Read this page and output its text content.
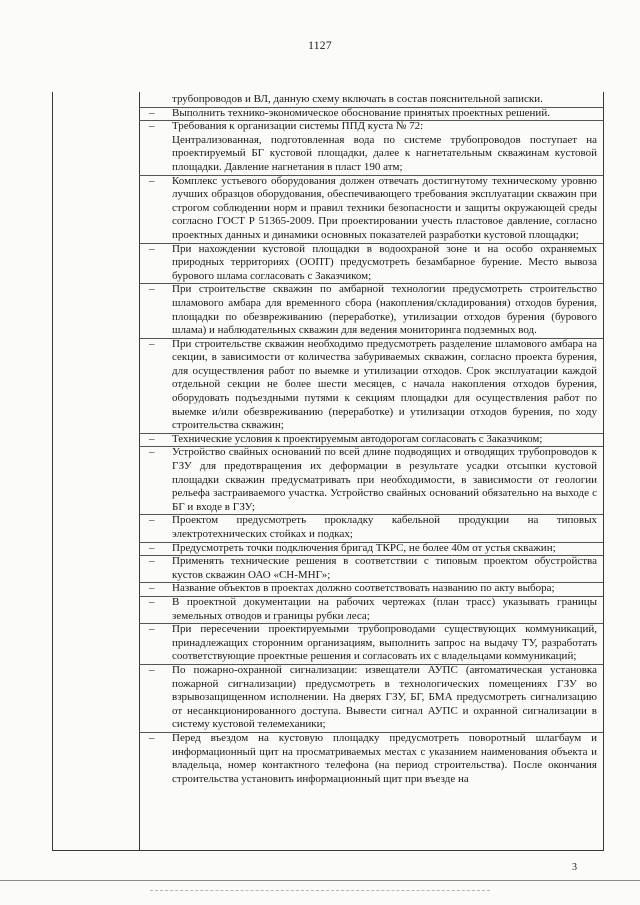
1127
трубопроводов и ВЛ, данную схему включать в состав пояснительной записки.
– Выполнить технико-экономическое обоснование принятых проектных решений.
– Требования к организации системы ППД куста № 72:
Централизованная, подготовленная вода по системе трубопроводов поступает на проектируемый БГ кустовой площадки, далее к нагнетательным скважинам кустовой площадки. Давление нагнетания в пласт 190 атм;
– Комплекс устьевого оборудования должен отвечать достигнутому техническому уровню лучших образцов оборудования, обеспечивающего требования эксплуатации скважин при строгом соблюдении норм и правил техники безопасности и защиты окружающей среды согласно ГОСТ Р 51365-2009. При проектировании учесть пластовое давление, согласно проектных данных и динамики основных показателей разработки кустовой площадки;
– При нахождении кустовой площадки в водоохраной зоне и на особо охраняемых природных территориях (ООПТ) предусмотреть безамбарное бурение. Место вывоза бурового шлама согласовать с Заказчиком;
– При строительстве скважин по амбарной технологии предусмотреть строительство шламового амбара для временного сбора (накопления/складирования) отходов бурения, площадки по обезвреживанию (переработке), утилизации отходов бурения (бурового шлама) и наблюдательных скважин для ведения мониторинга подземных вод.
– При строительстве скважин необходимо предусмотреть разделение шламового амбара на секции, в зависимости от количества забуриваемых скважин, согласно проекта бурения, для осуществления работ по выемке и утилизации отходов. Срок эксплуатации каждой отдельной секции не более шести месяцев, с начала накопления отходов бурения, оборудовать подъездными путями к секциям площадки для осуществления работ по выемке и/или обезвреживанию (переработке) и утилизации отходов бурения, по ходу строительства скважин;
– Технические условия к проектируемым автодорогам согласовать с Заказчиком;
– Устройство свайных оснований по всей длине подводящих и отводящих трубопроводов к ГЗУ для предотвращения их деформации в результате усадки отсыпки кустовой площадки скважин предусматривать при необходимости, в зависимости от геологии рельефа застраиваемого участка. Устройство свайных оснований обязательно на выходе с БГ и входе в ГЗУ;
– Проектом предусмотреть прокладку кабельной продукции на типовых электротехнических стойках и подках;
– Предусмотреть точки подключения бригад ТКРС, не более 40м от устья скважин;
– Применять технические решения в соответствии с типовым проектом обустройства кустов скважин ОАО «СН-МНГ»;
– Название объектов в проектах должно соответствовать названию по акту выбора;
– В проектной документации на рабочих чертежах (план трасс) указывать границы земельных отводов и границы рубки леса;
– При пересечении проектируемыми трубопроводами существующих коммуникаций, принадлежащих сторонним организациям, выполнить запрос на выдачу ТУ, разработать соответствующие проектные решения и согласовать их с владельцами коммуникаций;
– По пожарно-охранной сигнализации: извещатели АУПС (автоматическая установка пожарной сигнализации) предусмотреть в технологических помещениях ГЗУ во взрывозащищенном исполнении. На дверях ГЗУ, БГ, БМА предусмотреть сигнализацию от несанкционированного доступа. Вывести сигнал АУПС и охранной сигнализации в систему кустовой телемеханики;
– Перед въездом на кустовую площадку предусмотреть поворотный шлагбаум и информационный щит на просматриваемых местах с указанием наименования объекта и владельца, номер контактного телефона (на период строительства). После окончания строительства установить информационный щит при въезде на
3
